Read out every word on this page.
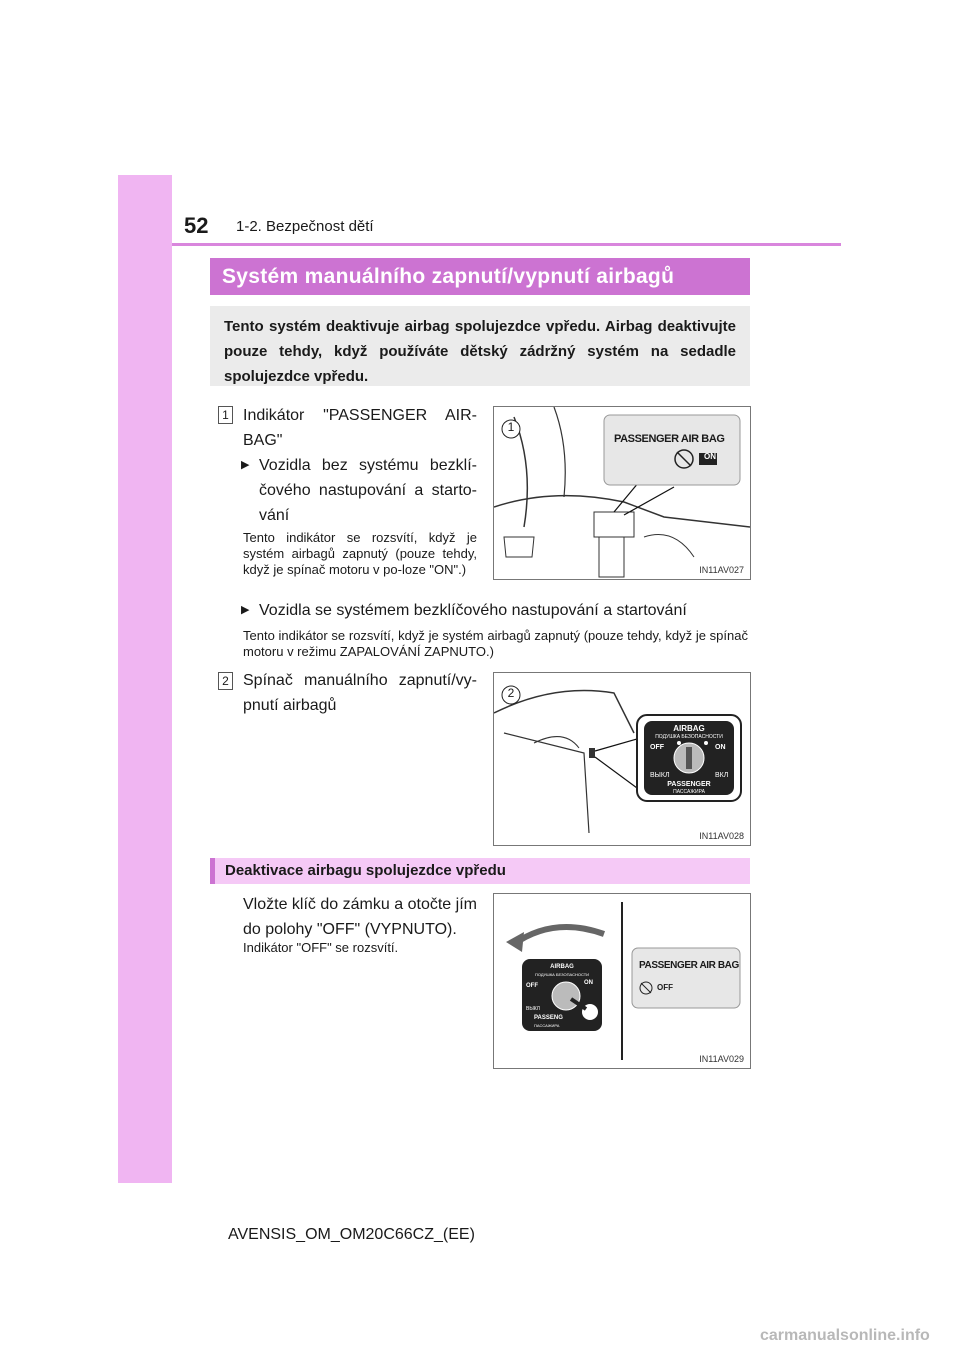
52 1-2. Bezpečnost dětí
Systém manuálního zapnutí/vypnutí airbagů
Tento systém deaktivuje airbag spolujezdce vpředu. Airbag deaktivujte pouze tehdy, když používáte dětský zádržný systém na sedadle spolujezdce vpředu.
1 Indikátor "PASSENGER AIR-BAG"
▶ Vozidla bez systému bezklí-čového nastupování a starto-vání
Tento indikátor se rozsvítí, když je systém airbagů zapnutý (pouze tehdy, když je spínač motoru v po-loze "ON".)
▶ Vozidla se systémem bezklíčového nastupování a startování
Tento indikátor se rozsvítí, když je systém airbagů zapnutý (pouze tehdy, když je spínač motoru v režimu ZAPALOVÁNÍ ZAPNUTO.)
1
PASSENGER AIR BAG
ON
IN11AV027
2 Spínač manuálního zapnutí/vy-pnutí airbagů
2
AIRBAG
ПОДУШКА БЕЗОПАСНОСТИ
OFF	ON
ВЫКЛ	ВКЛ
PASSENGER
ПАССАЖИРА
IN11AV028
Deaktivace airbagu spolujezdce vpředu
Vložte klíč do zámku a otočte jím do polohy "OFF" (VYPNUTO).
Indikátor "OFF" se rozsvítí.
AIRBAG
ПОДУШКА БЕЗОПАСНОСТИ
OFF	ON
ВЫКЛ
PASSENG
ПАССАЖИРА
PASSENGER AIR BAG
OFF
IN11AV029
AVENSIS_OM_OM20C66CZ_(EE)
carmanualsonline.info
